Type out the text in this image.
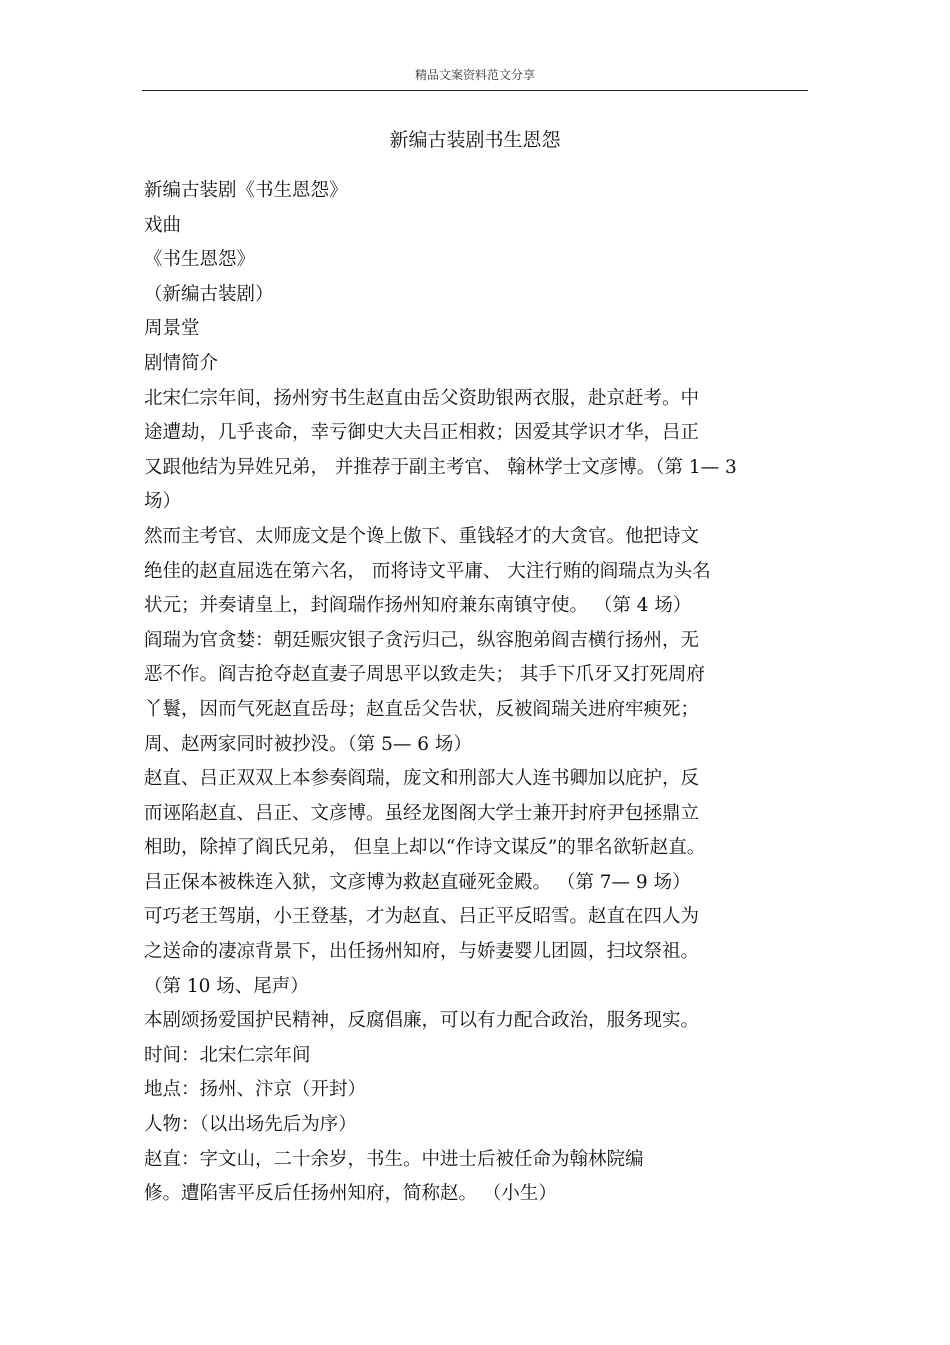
精品文案资料范文分享
新编古装剧书生恩怨
新编古装剧《书生恩怨》
戏曲
《书生恩怨》
（新编古装剧）
周景堂
剧情简介
北宋仁宗年间，扬州穷书生赵直由岳父资助银两衣服，赴京赶考。中
途遭劫，几乎丧命，幸亏御史大夫吕正相救；因爱其学识才华，吕正
又跟他结为异姓兄弟， 并推荐于副主考官、 翰林学士文彦博。（第 1— 3
场）
然而主考官、太师庞文是个谗上傲下、重钱轻才的大贪官。他把诗文
绝佳的赵直屈选在第六名， 而将诗文平庸、 大注行贿的阎瑞点为头名
状元；并奏请皇上，封阎瑞作扬州知府兼东南镇守使。 （第 4 场）
阎瑞为官贪婪：朝廷赈灾银子贪污归己，纵容胞弟阎吉横行扬州，无
恶不作。阎吉抢夺赵直妻子周思平以致走失； 其手下爪牙又打死周府
丫鬟，因而气死赵直岳母；赵直岳父告状，反被阎瑞关进府牢瘐死；
周、赵两家同时被抄没。（第 5— 6 场）
赵直、吕正双双上本参奏阎瑞，庞文和刑部大人连书卿加以庇护，反
而诬陷赵直、吕正、文彦博。虽经龙图阁大学士兼开封府尹包拯鼎立
相助，除掉了阎氏兄弟， 但皇上却以“作诗文谋反”的罪名欲斩赵直。
吕正保本被株连入狱，文彦博为救赵直碰死金殿。 （第 7— 9 场）
可巧老王驾崩，小王登基，才为赵直、吕正平反昭雪。赵直在四人为
之送命的凄凉背景下，出任扬州知府，与娇妻婴儿团圆，扫坟祭祖。
（第 10 场、尾声）
本剧颂扬爱国护民精神，反腐倡廉，可以有力配合政治，服务现实。
时间：北宋仁宗年间
地点：扬州、汴京（开封）
人物：（以出场先后为序）
赵直：字文山，二十余岁，书生。中进士后被任命为翰林院编
修。遭陷害平反后任扬州知府，简称赵。 （小生）
